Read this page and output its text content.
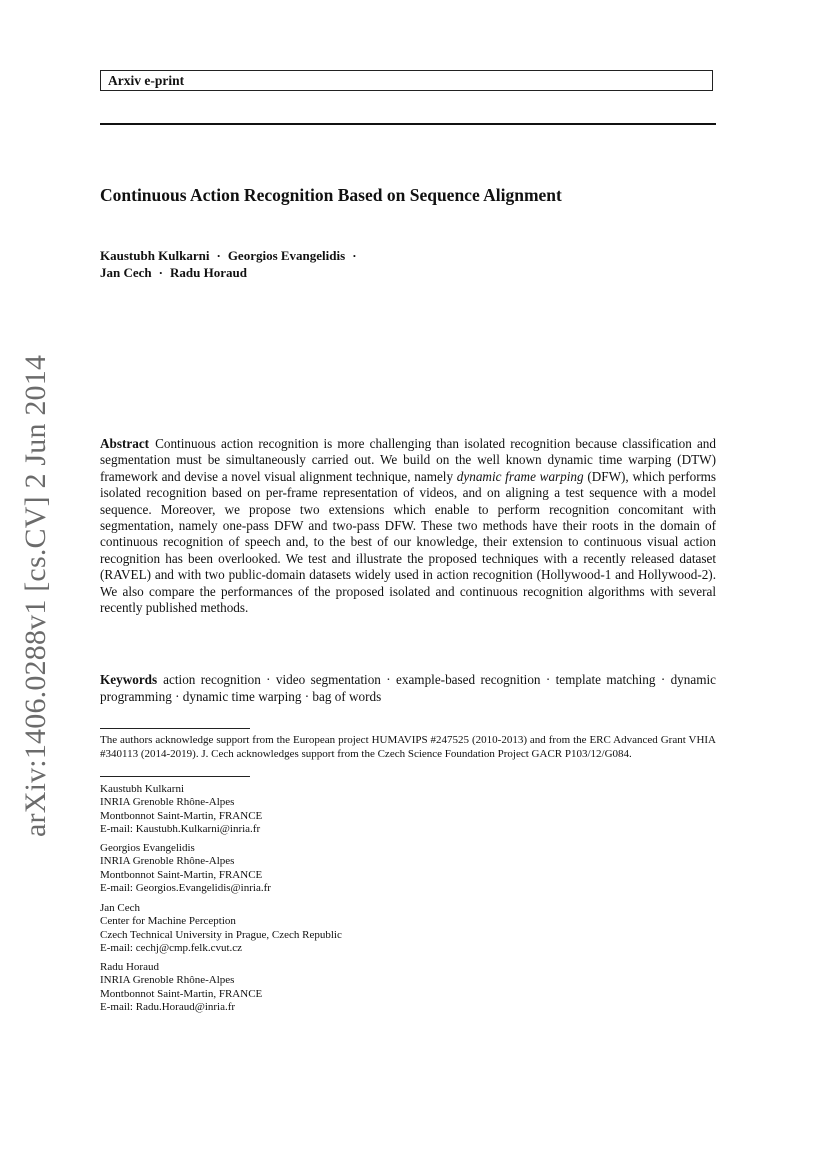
Arxiv e-print
arXiv:1406.0288v1 [cs.CV] 2 Jun 2014
Continuous Action Recognition Based on Sequence Alignment
Kaustubh Kulkarni · Georgios Evangelidis ·
Jan Cech · Radu Horaud
Abstract Continuous action recognition is more challenging than isolated recognition because classification and segmentation must be simultaneously carried out. We build on the well known dynamic time warping (DTW) framework and devise a novel visual alignment technique, namely dynamic frame warping (DFW), which performs isolated recognition based on per-frame representation of videos, and on aligning a test sequence with a model sequence. Moreover, we propose two extensions which enable to perform recognition concomitant with segmentation, namely one-pass DFW and two-pass DFW. These two methods have their roots in the domain of continuous recognition of speech and, to the best of our knowledge, their extension to continuous visual action recognition has been overlooked. We test and illustrate the proposed techniques with a recently released dataset (RAVEL) and with two public-domain datasets widely used in action recognition (Hollywood-1 and Hollywood-2). We also compare the performances of the proposed isolated and continuous recognition algorithms with several recently published methods.
Keywords action recognition · video segmentation · example-based recognition · template matching · dynamic programming · dynamic time warping · bag of words
The authors acknowledge support from the European project HUMAVIPS #247525 (2010-2013) and from the ERC Advanced Grant VHIA #340113 (2014-2019). J. Cech acknowledges support from the Czech Science Foundation Project GACR P103/12/G084.
Kaustubh Kulkarni
INRIA Grenoble Rhône-Alpes
Montbonnot Saint-Martin, FRANCE
E-mail: Kaustubh.Kulkarni@inria.fr
Georgios Evangelidis
INRIA Grenoble Rhône-Alpes
Montbonnot Saint-Martin, FRANCE
E-mail: Georgios.Evangelidis@inria.fr
Jan Cech
Center for Machine Perception
Czech Technical University in Prague, Czech Republic
E-mail: cechj@cmp.felk.cvut.cz
Radu Horaud
INRIA Grenoble Rhône-Alpes
Montbonnot Saint-Martin, FRANCE
E-mail: Radu.Horaud@inria.fr
